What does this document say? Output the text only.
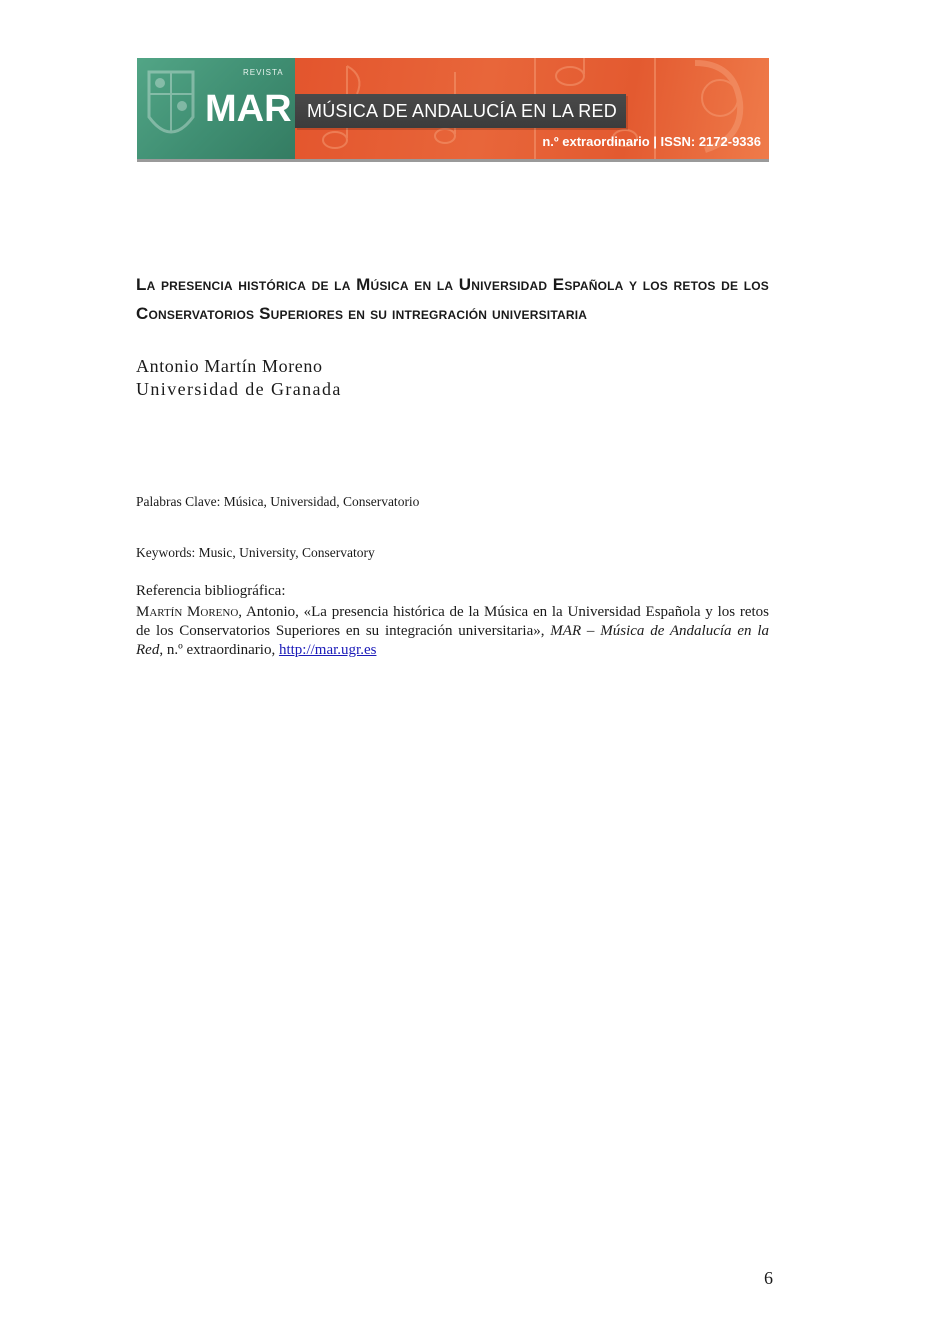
REVISTA
MAR MÚSICA DE ANDALUCÍA EN LA RED
n.º extraordinario | ISSN: 2172-9336
La presencia histórica de la Música en la Universidad Española y los retos de los Conservatorios Superiores en su intregración universitaria
Antonio Martín Moreno
Universidad de Granada
Palabras Clave: Música, Universidad, Conservatorio
Keywords: Music, University, Conservatory
Referencia bibliográfica:

Martín Moreno, Antonio, «La presencia histórica de la Música en la Universidad Española y los retos de los Conservatorios Superiores en su integración universitaria», MAR – Música de Andalucía en la Red, n.º extraordinario, http://mar.ugr.es

6
